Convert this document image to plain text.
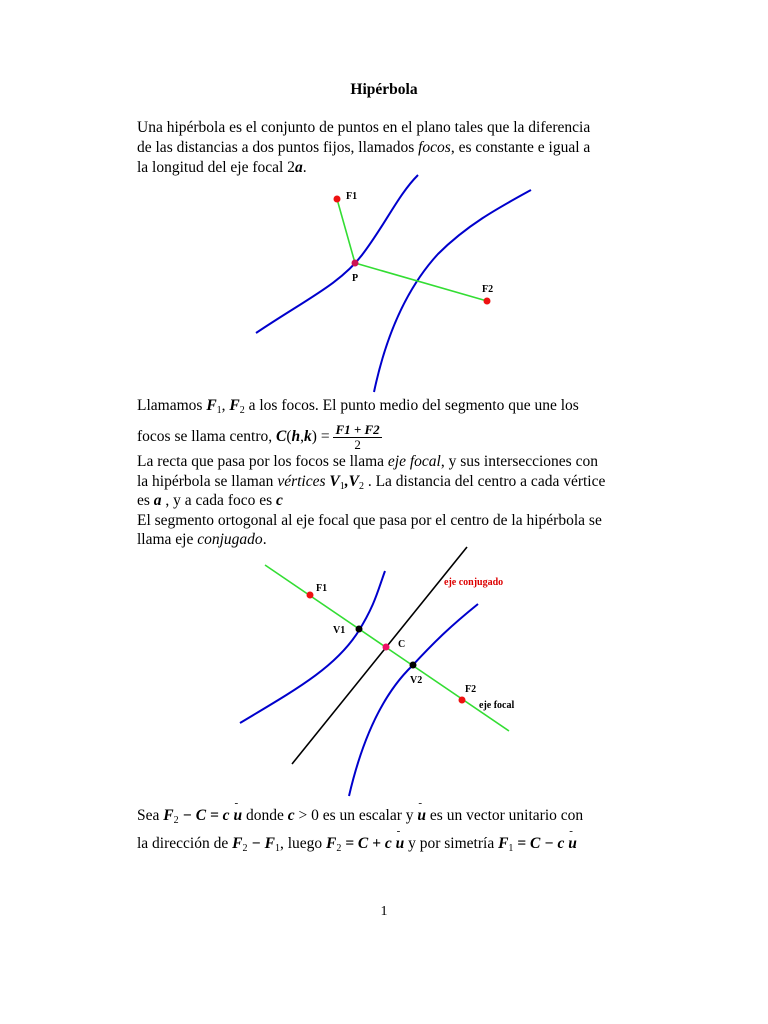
Hipérbola
Una hipérbola es el conjunto de puntos en el plano tales que la diferencia
de las distancias a dos puntos fijos, llamados focos, es constante e igual a
la longitud del eje focal 2a.
F1
P
F2
Llamamos $F_1$, $F_2$ a los focos. El punto medio del segmento que une los
focos se llama centro, $C(h,k) = \frac{F1 + F2}{2}$
La recta que pasa por los focos se llama eje focal, y sus intersecciones con
la hipérbola se llaman vértices $V_1,V_2$ . La distancia del centro a cada vértice
es a , y a cada foco es c
El segmento ortogonal al eje focal que pasa por el centro de la hipérbola se
llama eje conjugado.
F1
V1
C
V2
F2
eje conjugado
eje focal
Sea $F_2 - C = c - u$ donde c > 0 es un escalar y - u es un vector unitario con
la dirección de $F_2 - F_1$, luego $F_2 = C + c - u$ y por simetría $F_1 = C - c - u$
1
